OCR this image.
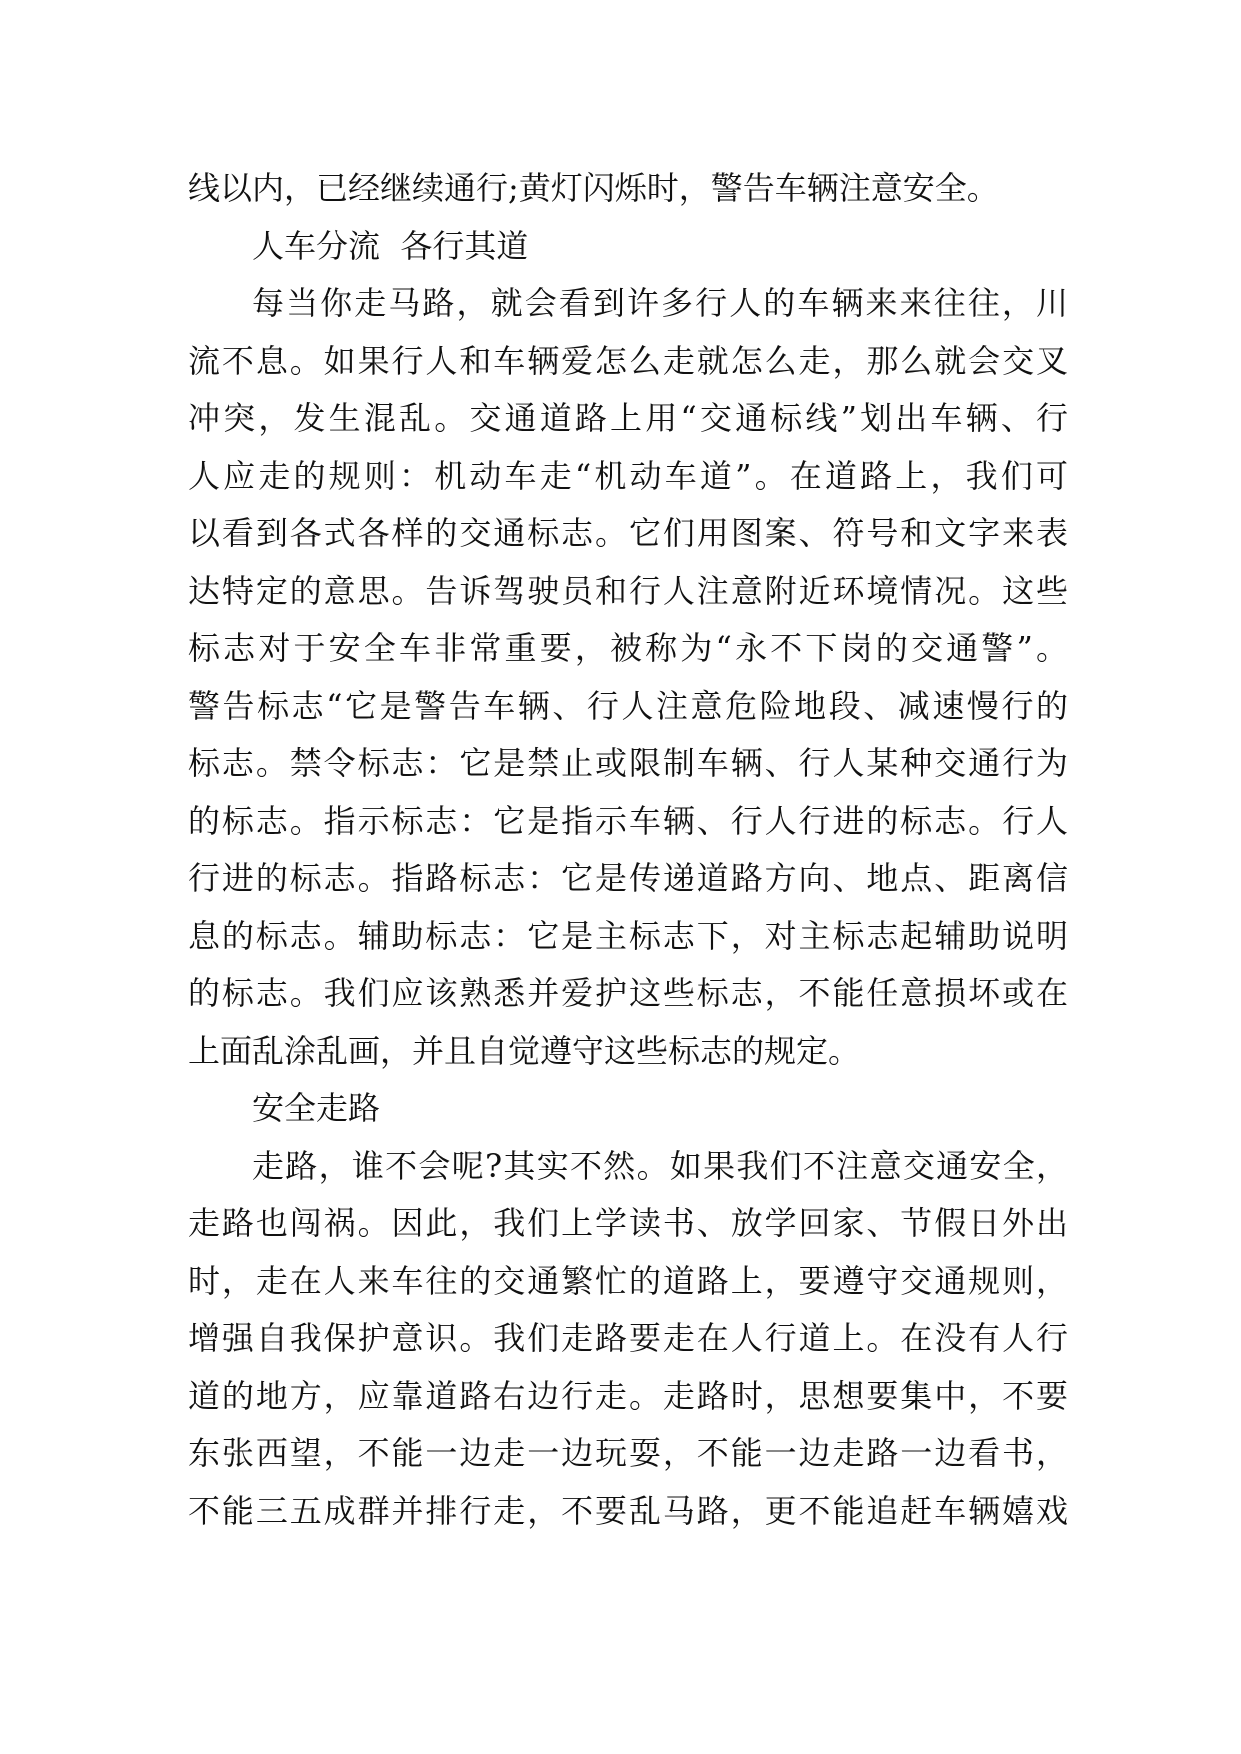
线以内，已经继续通行;黄灯闪烁时，警告车辆注意安全。
人车分流  各行其道
每当你走马路，就会看到许多行人的车辆来来往往，川
流不息。如果行人和车辆爱怎么走就怎么走，那么就会交叉
冲突，发生混乱。交通道路上用“交通标线”划出车辆、行
人应走的规则：机动车走“机动车道”。在道路上，我们可
以看到各式各样的交通标志。它们用图案、符号和文字来表
达特定的意思。告诉驾驶员和行人注意附近环境情况。这些
标志对于安全车非常重要，被称为“永不下岗的交通警”。
警告标志“它是警告车辆、行人注意危险地段、减速慢行的
标志。禁令标志：它是禁止或限制车辆、行人某种交通行为
的标志。指示标志：它是指示车辆、行人行进的标志。行人
行进的标志。指路标志：它是传递道路方向、地点、距离信
息的标志。辅助标志：它是主标志下，对主标志起辅助说明
的标志。我们应该熟悉并爱护这些标志，不能任意损坏或在
上面乱涂乱画，并且自觉遵守这些标志的规定。
安全走路
走路，谁不会呢?其实不然。如果我们不注意交通安全，
走路也闯祸。因此，我们上学读书、放学回家、节假日外出
时，走在人来车往的交通繁忙的道路上，要遵守交通规则，
增强自我保护意识。我们走路要走在人行道上。在没有人行
道的地方，应靠道路右边行走。走路时，思想要集中，不要
东张西望，不能一边走一边玩耍，不能一边走路一边看书，
不能三五成群并排行走，不要乱马路，更不能追赶车辆嬉戏
